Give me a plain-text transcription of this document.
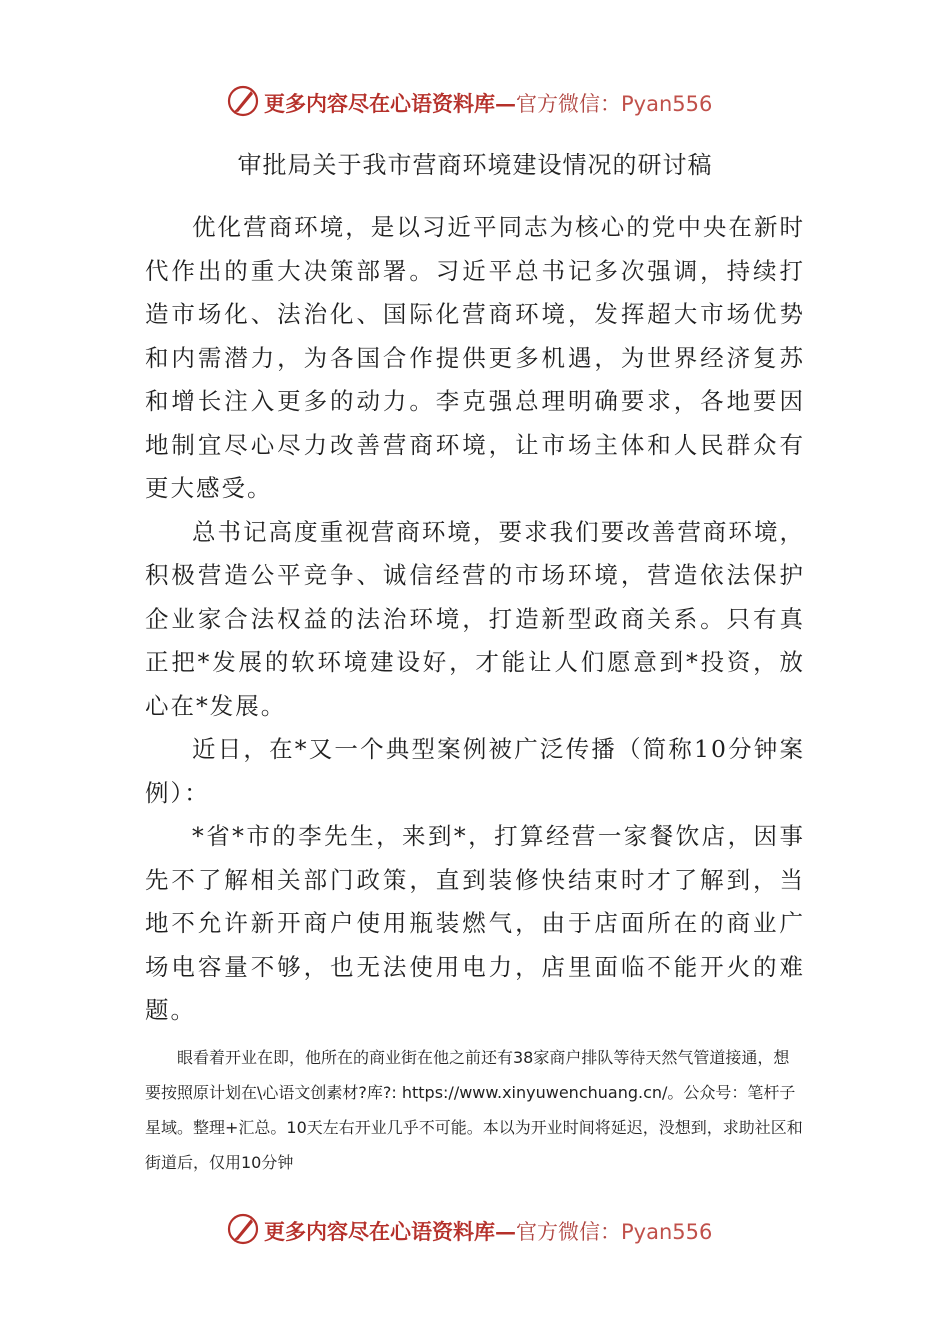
更多内容尽在心语资料库—官方微信：Pyan556
审批局关于我市营商环境建设情况的研讨稿

优化营商环境，是以习近平同志为核心的党中央在新时代作出的重大决策部署。习近平总书记多次强调，持续打造市场化、法治化、国际化营商环境，发挥超大市场优势和内需潜力，为各国合作提供更多机遇，为世界经济复苏和增长注入更多的动力。李克强总理明确要求，各地要因地制宜尽心尽力改善营商环境，让市场主体和人民群众有更大感受。

总书记高度重视营商环境，要求我们要改善营商环境，积极营造公平竞争、诚信经营的市场环境，营造依法保护企业家合法权益的法治环境，打造新型政商关系。只有真正把*发展的软环境建设好，才能让人们愿意到*投资，放心在*发展。

近日，在*又一个典型案例被广泛传播（简称10分钟案例）：

*省*市的李先生，来到*，打算经营一家餐饮店，因事先不了解相关部门政策，直到装修快结束时才了解到，当地不允许新开商户使用瓶装燃气，由于店面所在的商业广场电容量不够，也无法使用电力，店里面临不能开火的难题。

眼看着开业在即，他所在的商业街在他之前还有38家商户排队等待天然气管道接通，想要按照原计划在\心语文创素材?库?: https://www.xinyuwenchuang.cn/。公众号：笔杆子星域。整理+汇总。10天左右开业几乎不可能。本以为开业时间将延迟，没想到，求助社区和街道后，仅用10分钟

更多内容尽在心语资料库—官方微信：Pyan556
